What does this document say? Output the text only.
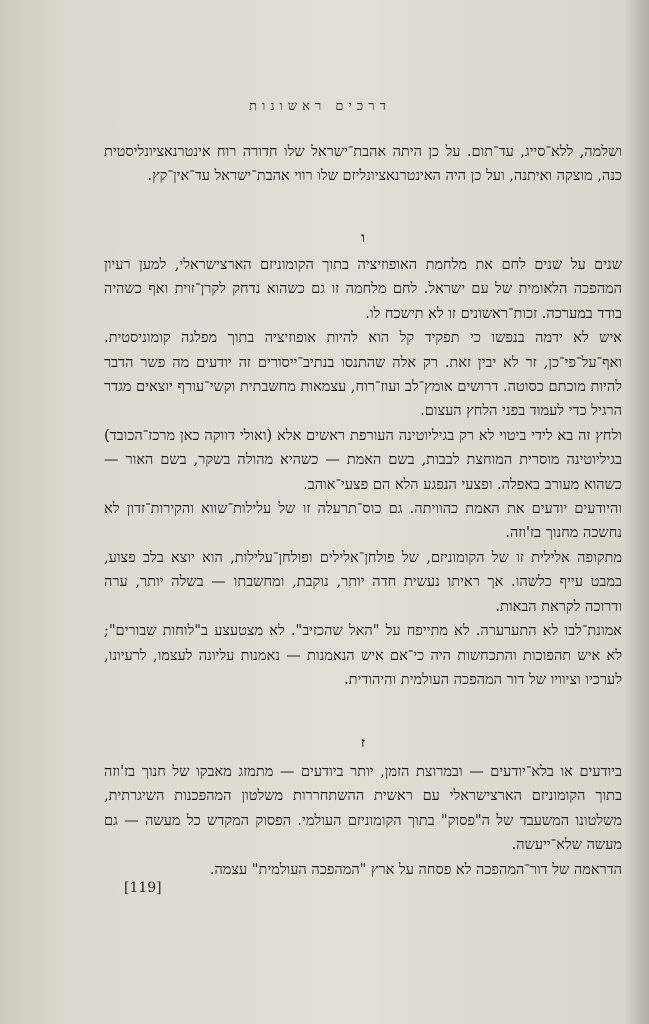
דרכים ראשונות

ושלמה, ללא־סייג, עד־תום. על כן היתה אהבת־ישראל שלו חדורה רוח אינטרנאציונליסטית כנה, מוצקה ואיתנה, ועל כן היה האינטרנאציונליזם שלו רווי אהבת־ישראל עד־אין־קץ.

ו

שנים על שנים לחם את מלחמת האופוזיציה בתוך הקומוניזם הארצישראלי, למען רעיון המהפכה הלאומית של עם ישראל. לחם מלחמה זו גם כשהוא נדחק לקרן־זוית ואף כשהיה בודד במערכה. זכות־ראשונים זו לא תישכח לו.

איש לא ידמה בנפשו כי תפקיד קל הוא להיות אופוזיציה בתוך מפלגה קומוניסטית. ואף־על־פי־כן, זר לא יבין זאת. רק אלה שהתנסו בנתיב־ייסורים זה יודעים מה פשר הדבר להיות מוכתם כסוטה. דרושים אומץ־לב ועוז־רוח, עצמאות מחשבתית וקשי־עורף יוצאים מגדר הרגיל כדי לעמוד בפני הלחץ העצום.

ולחץ זה בא לידי ביטוי לא רק בגיליוטינה העורפת ראשים אלא (ואולי דווקה כאן מרכז־הכובד) בגיליוטינה מוסרית המוחצת לבבות, בשם האמת — כשהיא מהולה בשקר, בשם האור — כשהוא מעורב באפלה. ופצעי הנפגע הלא הם פצעי־אוהב.

והיודעים יודעים את האמת כהוויתה. גם כוס־תרעלה זו של עלילות־שווא והקירות־זדון לא נחשכה מחנוך בז'וזה.

מתקופה אלילית זו של הקומוניזם, של פולחן־אלילים ופולחן־עלילות, הוא יוצא בלב פצוע, במבט עייף כלשהו. אך ראיתו נעשית חדה יותר, נוקבת, ומחשבתו — בשלה יותר, ערה ודרוכה לקראת הבאות.

אמונת־לבו לא התערערה. לא מתייפח על "האל שהכזיב". לא מצטעצע ב"לוחות שבורים"; לא איש תהפוכות והתכחשות היה כי־אם איש הנאמנות — נאמנות עליונה לעצמו, לרעיונו, לערכיו וציוויו של דור המהפכה העולמית והיהודית.

ז

ביודעים או בלא־יודעים — ובמרוצת הזמן, יותר ביודעים — מתמזג מאבקו של חנוך בז'וזה בתוך הקומוניזם הארצישראלי עם ראשית ההשתחררות משלטון המהפכנות השיגרתית, משלטונו המשעבד של ה"פסוק" בתוך הקומוניזם העולמי. הפסוק המקדש כל מעשה — גם מעשה שלא־ייעשה.

הדראמה של דור־המהפכה לא פסחה על ארץ "המהפכה העולמית" עצמה.

[119]
